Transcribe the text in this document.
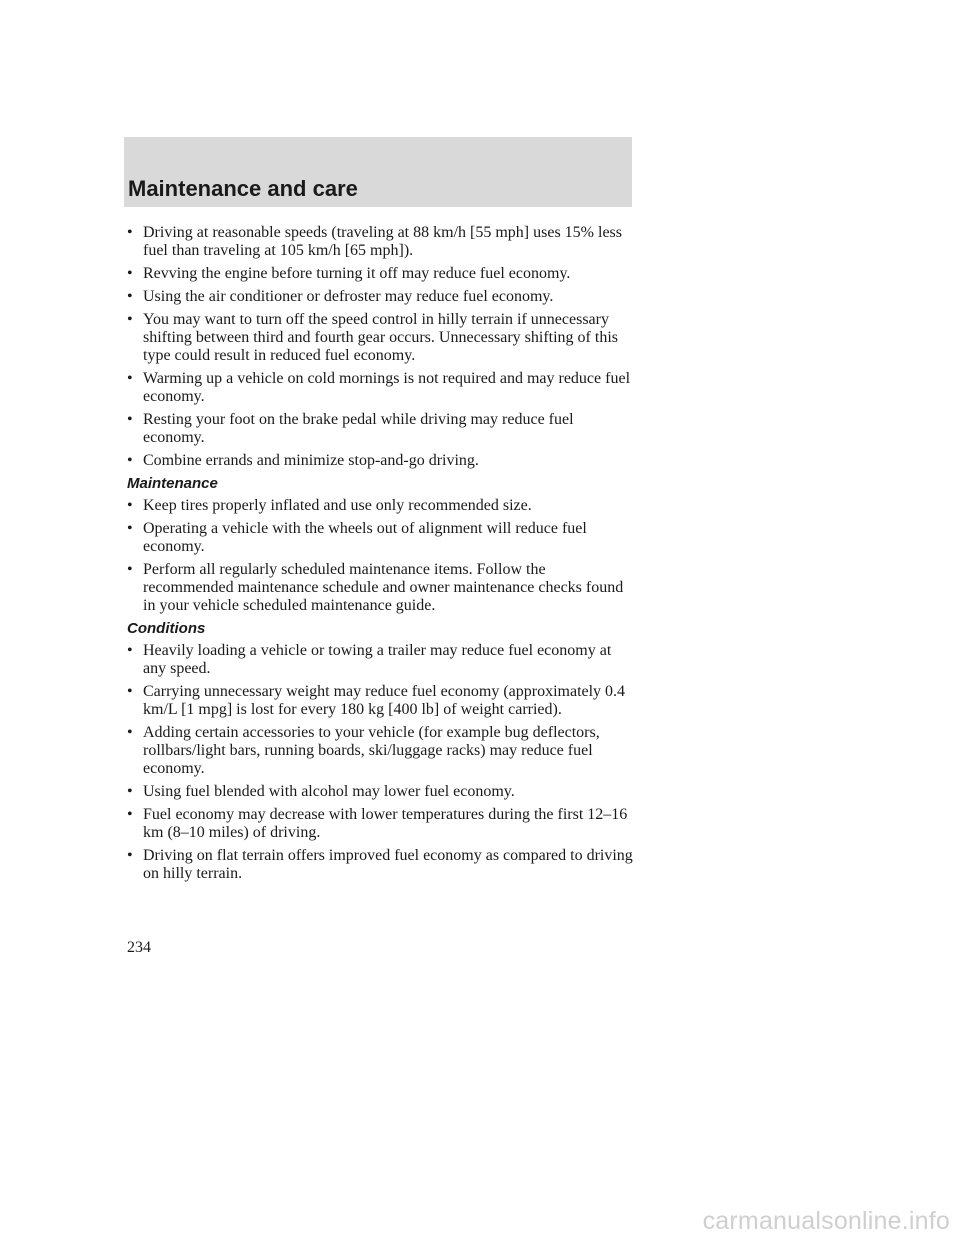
Maintenance and care
• Driving at reasonable speeds (traveling at 88 km/h [55 mph] uses 15% less fuel than traveling at 105 km/h [65 mph]).
• Revving the engine before turning it off may reduce fuel economy.
• Using the air conditioner or defroster may reduce fuel economy.
• You may want to turn off the speed control in hilly terrain if unnecessary shifting between third and fourth gear occurs. Unnecessary shifting of this type could result in reduced fuel economy.
• Warming up a vehicle on cold mornings is not required and may reduce fuel economy.
• Resting your foot on the brake pedal while driving may reduce fuel economy.
• Combine errands and minimize stop-and-go driving.
Maintenance
• Keep tires properly inflated and use only recommended size.
• Operating a vehicle with the wheels out of alignment will reduce fuel economy.
• Perform all regularly scheduled maintenance items. Follow the recommended maintenance schedule and owner maintenance checks found in your vehicle scheduled maintenance guide.
Conditions
• Heavily loading a vehicle or towing a trailer may reduce fuel economy at any speed.
• Carrying unnecessary weight may reduce fuel economy (approximately 0.4 km/L [1 mpg] is lost for every 180 kg [400 lb] of weight carried).
• Adding certain accessories to your vehicle (for example bug deflectors, rollbars/light bars, running boards, ski/luggage racks) may reduce fuel economy.
• Using fuel blended with alcohol may lower fuel economy.
• Fuel economy may decrease with lower temperatures during the first 12–16 km (8–10 miles) of driving.
• Driving on flat terrain offers improved fuel economy as compared to driving on hilly terrain.
234
carmanualsonline.info
